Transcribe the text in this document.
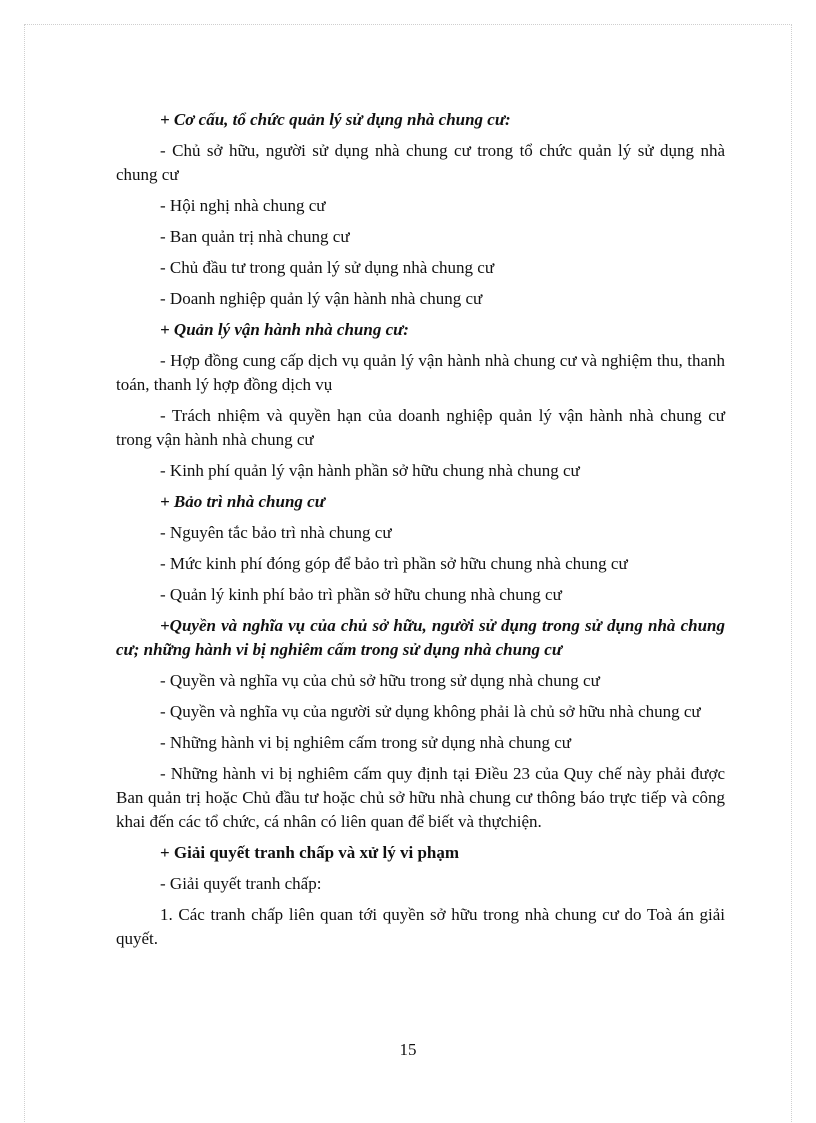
+ Cơ cấu, tổ chức quản lý sử dụng nhà chung cư:

- Chủ sở hữu, người sử dụng nhà chung cư trong tổ chức quản lý sử dụng nhà chung cư

- Hội nghị nhà chung cư

- Ban quản trị nhà chung cư

- Chủ đầu tư trong quản lý sử dụng nhà chung cư

- Doanh nghiệp quản lý vận hành nhà chung cư

+ Quản lý vận hành nhà chung cư:

- Hợp đồng cung cấp dịch vụ quản lý vận hành nhà chung cư và nghiệm thu, thanh toán, thanh lý hợp đồng dịch vụ

- Trách nhiệm và quyền hạn của doanh nghiệp quản lý vận hành nhà chung cư trong vận hành nhà chung cư

- Kinh phí quản lý vận hành phần sở hữu chung nhà chung cư

+ Bảo trì nhà chung cư

- Nguyên tắc bảo trì nhà chung cư

- Mức kinh phí đóng góp để bảo trì phần sở hữu chung nhà chung cư

- Quản lý kinh phí bảo trì phần sở hữu chung nhà chung cư

+Quyền và nghĩa vụ của chủ sở hữu, người sử dụng trong sử dụng nhà chung cư; những hành vi bị nghiêm cấm trong sử dụng nhà chung cư

- Quyền và nghĩa vụ của chủ sở hữu trong sử dụng nhà chung cư

- Quyền và nghĩa vụ của người sử dụng không phải là chủ sở hữu nhà chung cư

- Những hành vi bị nghiêm cấm trong sử dụng nhà chung cư

- Những hành vi bị nghiêm cấm quy định tại Điều 23 của Quy chế này phải được Ban quản trị hoặc Chủ đầu tư hoặc chủ sở hữu nhà chung cư thông báo trực tiếp và công khai đến các tổ chức, cá nhân có liên quan để biết và thựchiện.

+ Giải quyết tranh chấp và xử lý vi phạm

- Giải quyết tranh chấp:

1. Các tranh chấp liên quan tới quyền sở hữu trong nhà chung cư do Toà án giải quyết.

15
